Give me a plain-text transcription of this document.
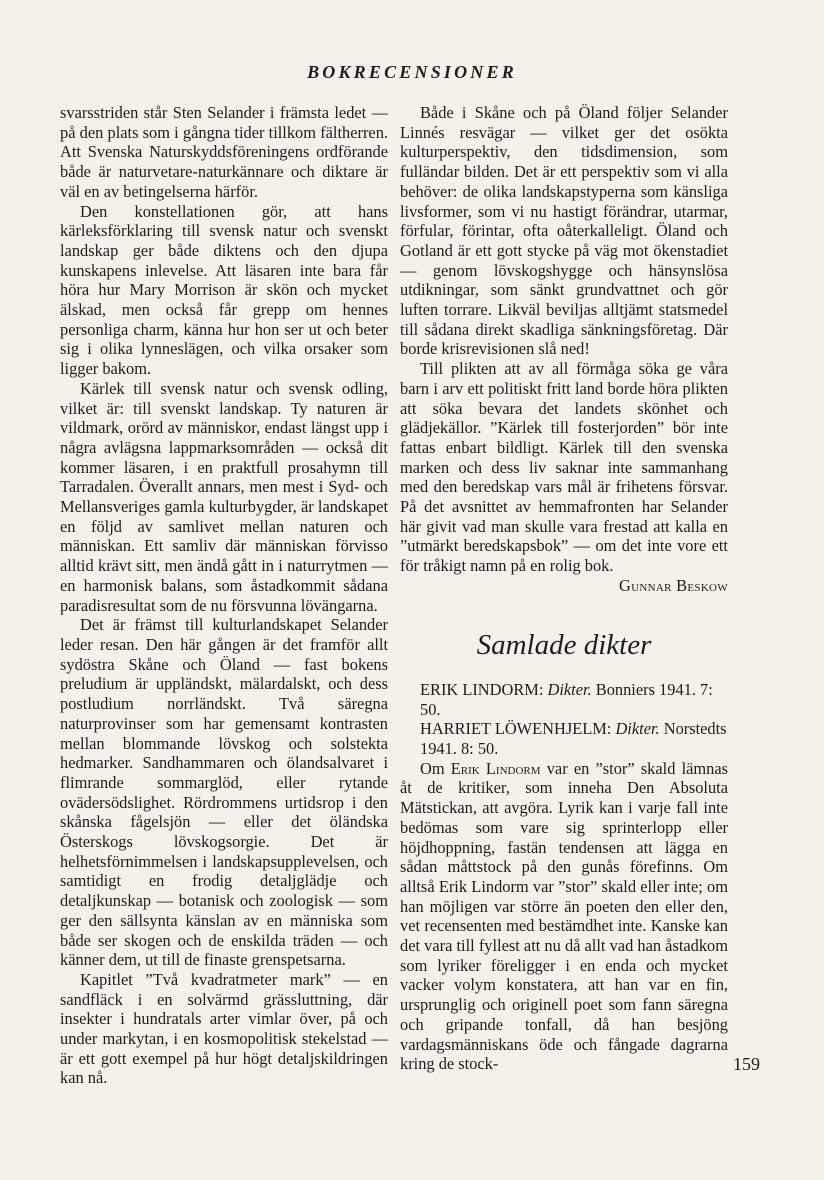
BOKRECENSIONER

svarsstriden står Sten Selander i främsta ledet — på den plats som i gångna tider tillkom fältherren. Att Svenska Naturskyddsföreningens ordförande både är naturvetare-naturkännare och diktare är väl en av betingelserna härför.

Den konstellationen gör, att hans kärleksförklaring till svensk natur och svenskt landskap ger både diktens och den djupa kunskapens inlevelse. Att läsaren inte bara får höra hur Mary Morrison är skön och mycket älskad, men också får grepp om hennes personliga charm, känna hur hon ser ut och beter sig i olika lynneslägen, och vilka orsaker som ligger bakom.

Kärlek till svensk natur och svensk odling, vilket är: till svenskt landskap. Ty naturen är vildmark, orörd av människor, endast längst upp i några avlägsna lappmarksområden — också dit kommer läsaren, i en praktfull prosahymn till Tarradalen. Överallt annars, men mest i Syd- och Mellansveriges gamla kulturbygder, är landskapet en följd av samlivet mellan naturen och människan. Ett samliv där människan förvisso alltid krävt sitt, men ändå gått in i naturrytmen — en harmonisk balans, som åstadkommit sådana paradisresultat som de nu försvunna lövängarna.

Det är främst till kulturlandskapet Selander leder resan. Den här gången är det framför allt sydöstra Skåne och Öland — fast bokens preludium är uppländskt, mälardalskt, och dess postludium norrländskt. Två säregna naturprovinser som har gemensamt kontrasten mellan blommande lövskog och solstekta hedmarker. Sandhammaren och ölandsalvaret i flimrande sommarglöd, eller rytande ovädersödslighet. Rördrommens urtidsrop i den skånska fågelsjön — eller det öländska Österskogs lövskogsorgie. Det är helhetsförnimmelsen i landskapsupplevelsen, och samtidigt en frodig detaljglädje och detaljkunskap — botanisk och zoologisk — som ger den sällsynta känslan av en människa som både ser skogen och de enskilda träden — och känner dem, ut till de finaste grenspetsarna.

Kapitlet ”Två kvadratmeter mark” — en sandfläck i en solvärmd grässluttning, där insekter i hundratals arter vimlar över, på och under markytan, i en kosmopolitisk stekelstad — är ett gott exempel på hur högt detaljskildringen kan nå.

Både i Skåne och på Öland följer Selander Linnés resvägar — vilket ger det osökta kulturperspektiv, den tidsdimension, som fulländar bilden. Det är ett perspektiv som vi alla behöver: de olika landskapstyperna som känsliga livsformer, som vi nu hastigt förändrar, utarmar, förfular, förintar, ofta oåterkalleligt. Öland och Gotland är ett gott stycke på väg mot ökenstadiet — genom lövskogshygge och hänsynslösa utdikningar, som sänkt grundvattnet och gör luften torrare. Likväl beviljas alltjämt statsmedel till sådana direkt skadliga sänkningsföretag. Där borde krisrevisionen slå ned!

Till plikten att av all förmåga söka ge våra barn i arv ett politiskt fritt land borde höra plikten att söka bevara det landets skönhet och glädjekällor. ”Kärlek till fosterjorden” bör inte fattas enbart bildligt. Kärlek till den svenska marken och dess liv saknar inte sammanhang med den beredskap vars mål är frihetens försvar. På det avsnittet av hemmafronten har Selander här givit vad man skulle vara frestad att kalla en ”utmärkt beredskapsbok” — om det inte vore ett för tråkigt namn på en rolig bok.
Gunnar Beskow

Samlade dikter

ERIK LINDORM: Dikter. Bonniers 1941. 7: 50.

HARRIET LÖWENHJELM: Dikter. Norstedts 1941. 8: 50.

Om Erik Lindorm var en ”stor” skald lämnas åt de kritiker, som inneha Den Absoluta Mätstickan, att avgöra. Lyrik kan i varje fall inte bedömas som vare sig sprinterlopp eller höjdhoppning, fastän tendensen att lägga en sådan måttstock på den gunås förefinns. Om alltså Erik Lindorm var ”stor” skald eller inte; om han möjligen var större än poeten den eller den, vet recensenten med bestämdhet inte. Kanske kan det vara till fyllest att nu då allt vad han åstadkom som lyriker föreligger i en enda och mycket vacker volym konstatera, att han var en fin, ursprunglig och originell poet som fann säregna och gripande tonfall, då han besjöng vardagsmänniskans öde och fångade dagrarna kring de stock-	159
